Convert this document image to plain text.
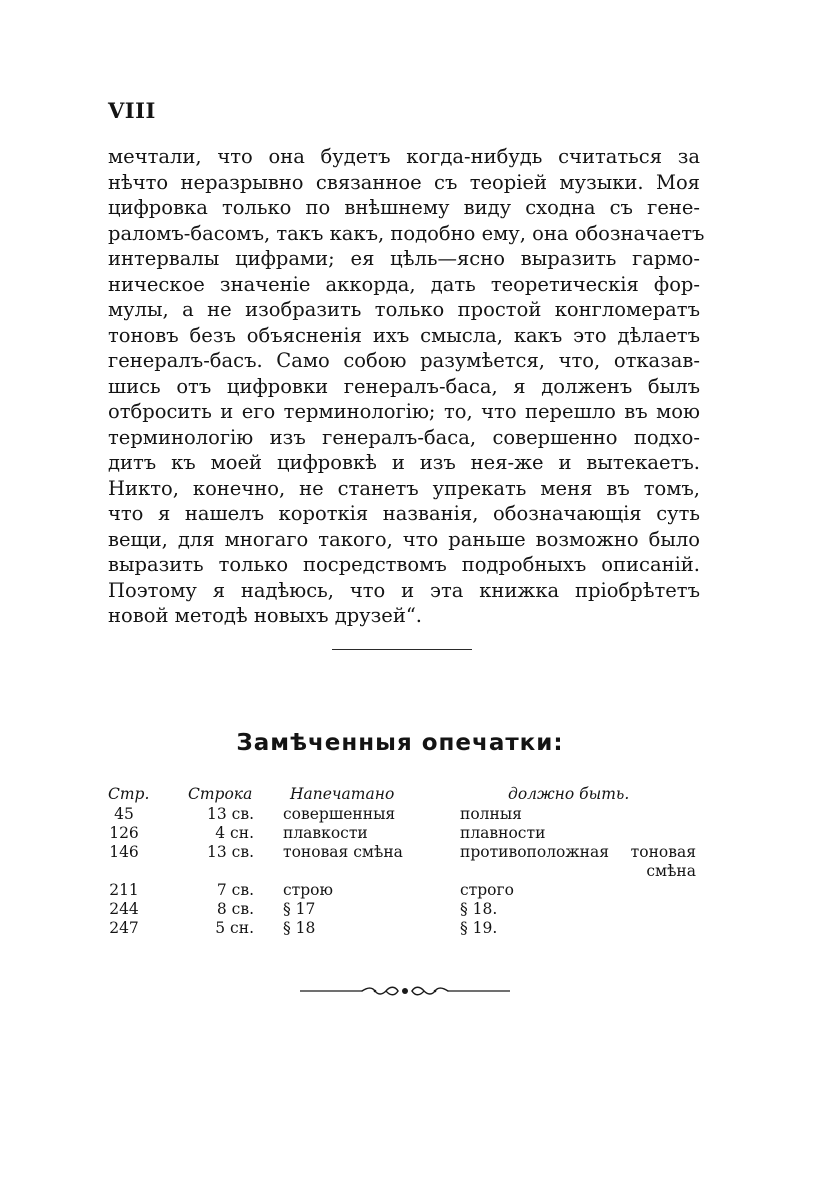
VIII
мечтали, что она будетъ когда-нибудь считаться за
нѣчто неразрывно связанное съ теоріей музыки. Моя
цифровка только по внѣшнему виду сходна съ гене-
раломъ-басомъ, такъ какъ, подобно ему, она обозначаетъ
интервалы цифрами; ея цѣль—ясно выразить гармо-
ническое значеніе аккорда, дать теоретическія фор-
мулы, а не изобразить только простой конгломератъ
тоновъ безъ объясненія ихъ смысла, какъ это дѣлаетъ
генералъ-басъ. Само собою разумѣется, что, отказав-
шись отъ цифровки генералъ-баса, я долженъ былъ
отбросить и его терминологію; то, что перешло въ мою
терминологію изъ генералъ-баса, совершенно подхо-
дитъ къ моей цифровкѣ и изъ нея-же и вытекаетъ.
Никто, конечно, не станетъ упрекать меня въ томъ,
что я нашелъ короткія названія, обозначающія суть
вещи, для многаго такого, что раньше возможно было
выразить только посредствомъ подробныхъ описаній.
Поэтому я надѣюсь, что и эта книжка пріобрѣтетъ
новой методѣ новыхъ друзей“.
Замѣченныя опечатки:
Стр. Строка Напечатано	должно быть.
45	13 св. совершенныя	полныя
126	4 сн. плавкости	плавности
146	13 св. тоновая смѣна	противоположная тоновая смѣна
211	7 св. строю	строго
244	8 св. § 17	§ 18.
247	5 сн. § 18	§ 19.
